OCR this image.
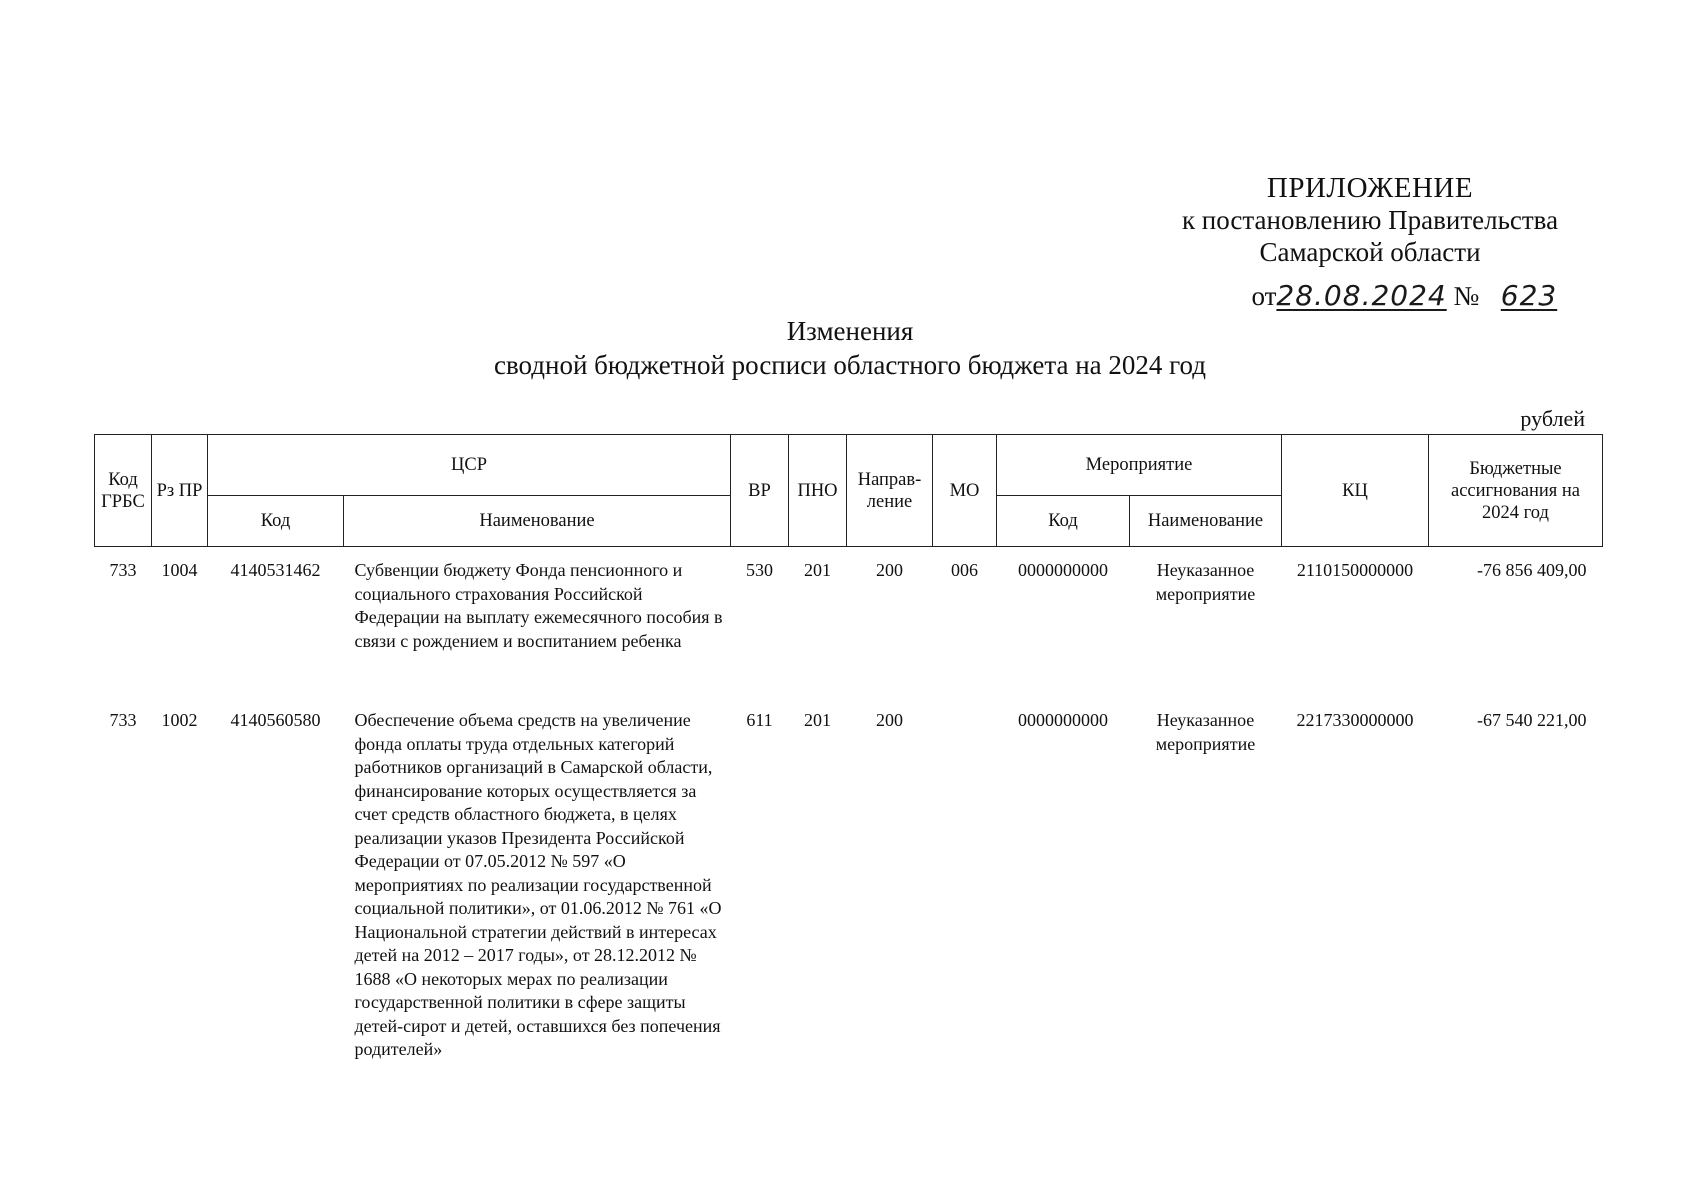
ПРИЛОЖЕНИЕ
к постановлению Правительства
Самарской области
от28.08.2024 № 623
Изменения
сводной бюджетной росписи областного бюджета на 2024 год
рублей
Код ГРБС	Рз ПР	ЦСР		ВР	ПНО	Направ-ление	МО	Мероприятие		КЦ	Бюджетные ассигнования на 2024 год
		Код	Наименование					Код	Наименование		
733	1004	4140531462	Субвенции бюджету Фонда пенсионного и социального страхования Российской Федерации на выплату ежемесячного пособия в связи с рождением и воспитанием ребенка	530	201	200	006	0000000000	Неуказанное мероприятие	2110150000000	-76 856 409,00
733	1002	4140560580	Обеспечение объема средств на увеличение фонда оплаты труда отдельных категорий работников организаций в Самарской области, финансирование которых осуществляется за счет средств областного бюджета, в целях реализации указов Президента Российской Федерации от 07.05.2012 № 597 «О мероприятиях по реализации государственной социальной политики», от 01.06.2012 № 761 «О Национальной стратегии действий в интересах детей на 2012 – 2017 годы», от 28.12.2012 № 1688 «О некоторых мерах по реализации государственной политики в сфере защиты детей-сирот и детей, оставшихся без попечения родителей»	611	201	200		0000000000	Неуказанное мероприятие	2217330000000	-67 540 221,00
